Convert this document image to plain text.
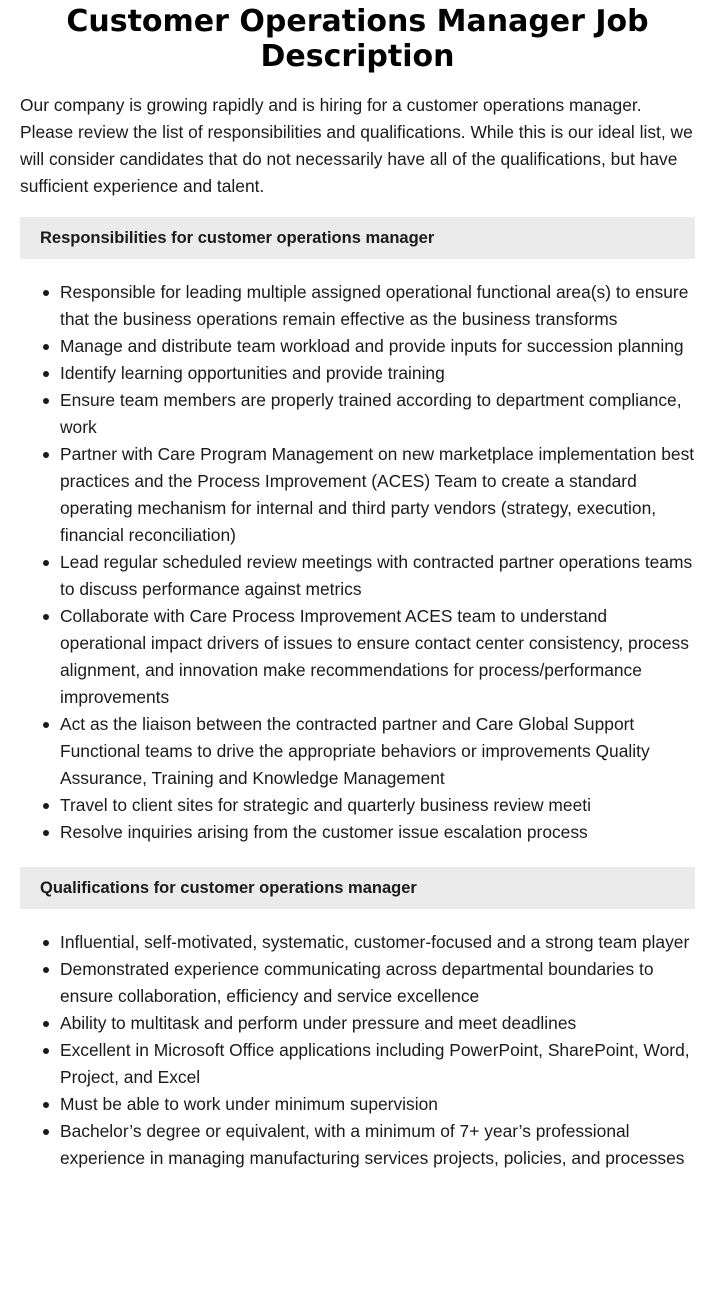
Customer Operations Manager Job Description

Our company is growing rapidly and is hiring for a customer operations manager. Please review the list of responsibilities and qualifications. While this is our ideal list, we will consider candidates that do not necessarily have all of the qualifications, but have sufficient experience and talent.

Responsibilities for customer operations manager
Responsible for leading multiple assigned operational functional area(s) to ensure that the business operations remain effective as the business transforms
Manage and distribute team workload and provide inputs for succession planning
Identify learning opportunities and provide training
Ensure team members are properly trained according to department compliance, work
Partner with Care Program Management on new marketplace implementation best practices and the Process Improvement (ACES) Team to create a standard operating mechanism for internal and third party vendors (strategy, execution, financial reconciliation)
Lead regular scheduled review meetings with contracted partner operations teams to discuss performance against metrics
Collaborate with Care Process Improvement ACES team to understand operational impact drivers of issues to ensure contact center consistency, process alignment, and innovation make recommendations for process/performance improvements
Act as the liaison between the contracted partner and Care Global Support Functional teams to drive the appropriate behaviors or improvements Quality Assurance, Training and Knowledge Management
Travel to client sites for strategic and quarterly business review meeti
Resolve inquiries arising from the customer issue escalation process
Qualifications for customer operations manager
Influential, self-motivated, systematic, customer-focused and a strong team player
Demonstrated experience communicating across departmental boundaries to ensure collaboration, efficiency and service excellence
Ability to multitask and perform under pressure and meet deadlines
Excellent in Microsoft Office applications including PowerPoint, SharePoint, Word, Project, and Excel
Must be able to work under minimum supervision
Bachelor’s degree or equivalent, with a minimum of 7+ year’s professional experience in managing manufacturing services projects, policies, and processes
